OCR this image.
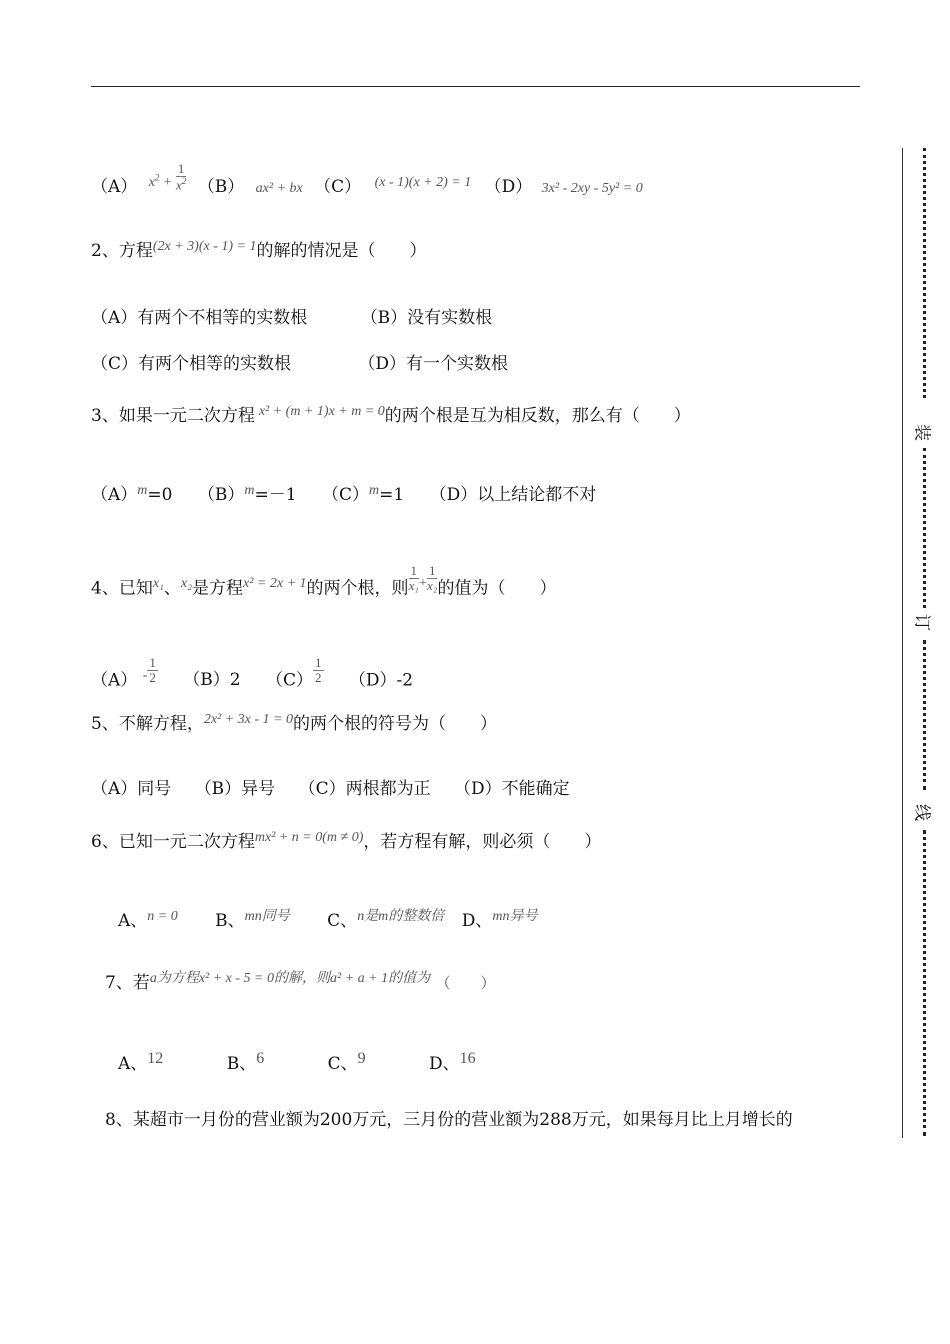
（A） $^{x^2 +} \frac{1}{x^2} (B) ax^2$ + bx （C） $^{(x - 1)(x + 2) = 1}$ （D） 3x² - 2xy - 5y² = 0
2、方程$^{(2x + 3)(x - 1) = 1}$的解的情况是（　　）
（A）有两个不相等的实数根	（B）没有实数根
（C）有两个相等的实数根	（D）有一个实数根
3、如果一元二次方程 $^{x^2 + (m + 1)x + m = 0}$的两个根是互为相反数，那么有（　　）
$(A)^m=0$ $(B)^m=-1$ $(C)^m=1$ （D）以上结论都不对
4、已知$^{x_1}$、$^{x_2}$是方程$^{x^2 = 2x + 1}$的两个根，则 $\frac{1}{\text{x₁}} ^+ \frac{1}{\text{x₂}}$ 的值为（　　）
（A） $^- \frac{1}{2} (B)2$ $(C) \frac{1}{2} (D)-2$
5、不解方程，$^{2x^2 + 3x - 1 = 0}$的两个根的符号为（　　）
（A）同号 （B）异号 （C）两根都为正 （D）不能确定
6、已知一元二次方程$^{mx^2 + n = 0(m \ne 0)}$，若方程有解，则必须（　　）
A、$^{n = 0}$ B、$^{mn同号}$ C、$^{n是m的整数倍}$ D、$^{mn异号}$
7、若$^{a为方程x^2 + x - 5 = 0的解,则a^2 + a + 1的值为}$ （　　）
A、12	B、6	C、9	D、16
8、某超市一月份的营业额为200万元，三月份的营业额为288万元，如果每月比上月增长的
装
订
线
